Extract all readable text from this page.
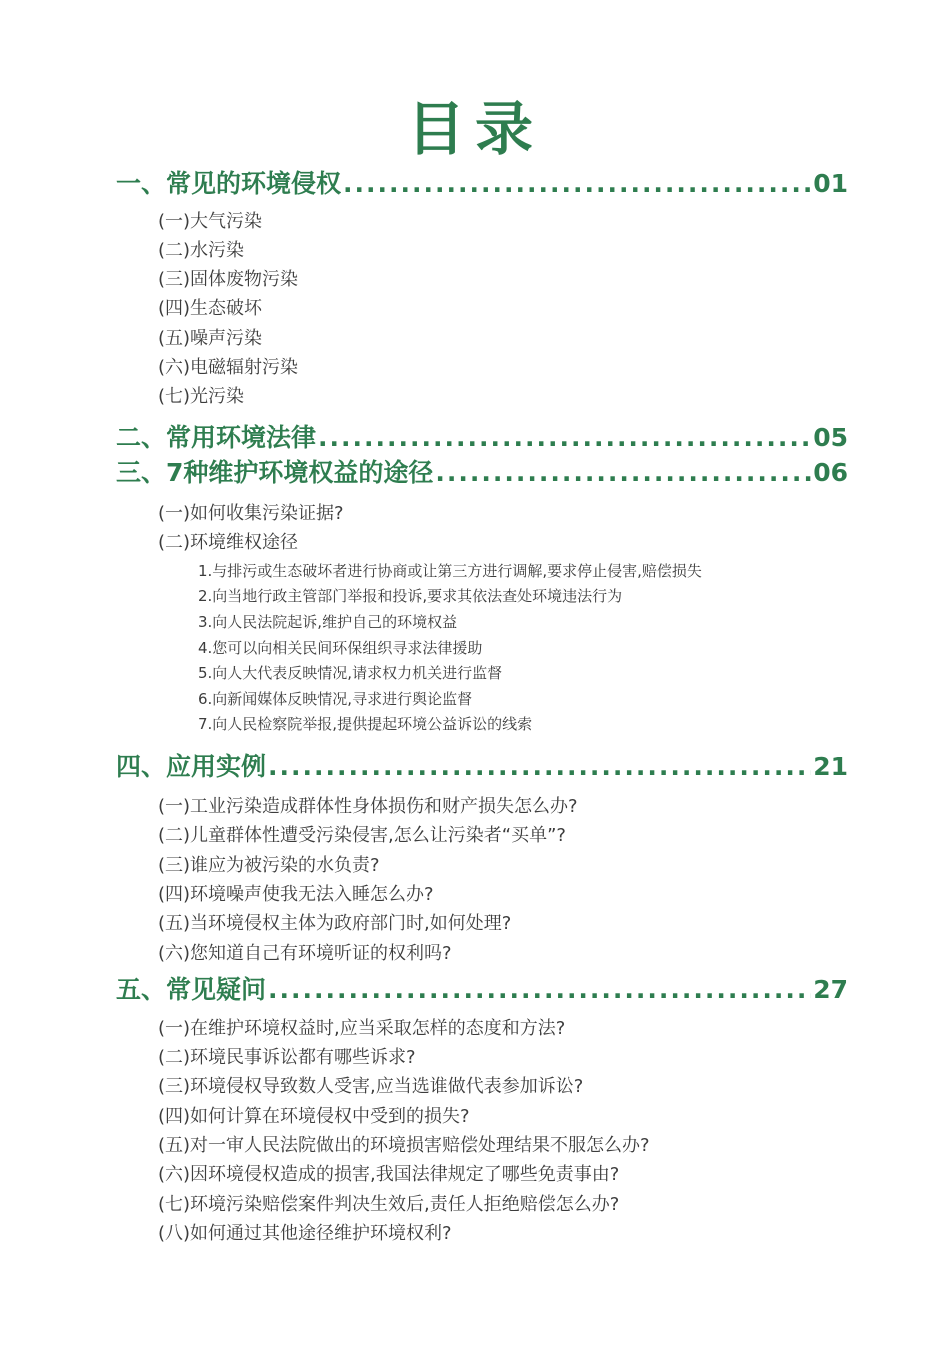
目录
一、常见的环境侵权 .....	01
(一)大气污染
(二)水污染
(三)固体废物污染
(四)生态破坏
(五)噪声污染
(六)电磁辐射污染
(七)光污染
二、常用环境法律 .....	05
三、7种维护环境权益的途径 .....	06
(一)如何收集污染证据?
(二)环境维权途径
1.与排污或生态破坏者进行协商或让第三方进行调解,要求停止侵害,赔偿损失
2.向当地行政主管部门举报和投诉,要求其依法查处环境违法行为
3.向人民法院起诉,维护自己的环境权益
4.您可以向相关民间环保组织寻求法律援助
5.向人大代表反映情况,请求权力机关进行监督
6.向新闻媒体反映情况,寻求进行舆论监督
7.向人民检察院举报,提供提起环境公益诉讼的线索
四、应用实例 .....	21
(一)工业污染造成群体性身体损伤和财产损失怎么办?
(二)儿童群体性遭受污染侵害,怎么让污染者“买单”?
(三)谁应为被污染的水负责?
(四)环境噪声使我无法入睡怎么办?
(五)当环境侵权主体为政府部门时,如何处理?
(六)您知道自己有环境听证的权利吗?
五、常见疑问 .....	27
(一)在维护环境权益时,应当采取怎样的态度和方法?
(二)环境民事诉讼都有哪些诉求?
(三)环境侵权导致数人受害,应当选谁做代表参加诉讼?
(四)如何计算在环境侵权中受到的损失?
(五)对一审人民法院做出的环境损害赔偿处理结果不服怎么办?
(六)因环境侵权造成的损害,我国法律规定了哪些免责事由?
(七)环境污染赔偿案件判决生效后,责任人拒绝赔偿怎么办?
(八)如何通过其他途径维护环境权利?
